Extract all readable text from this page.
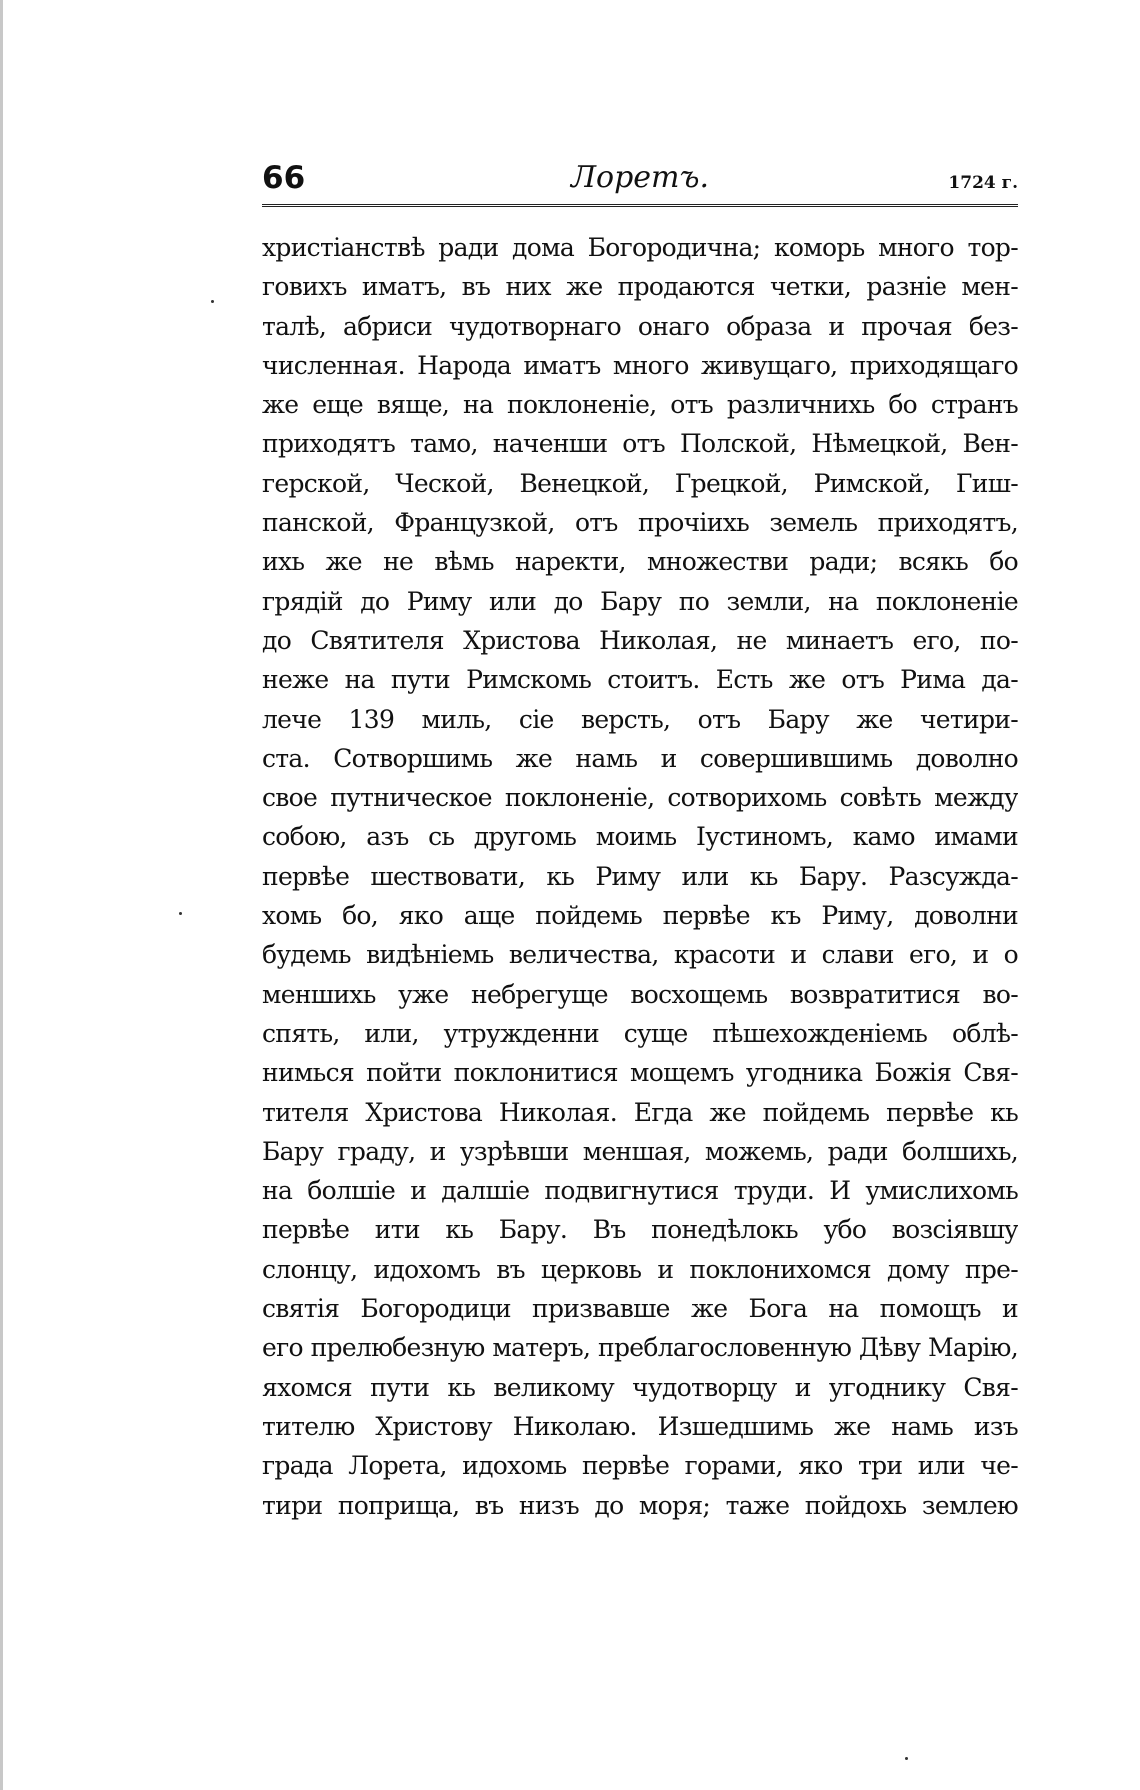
66	Лоретъ.	1724 г.
христіанствѣ ради дома Богородична; коморь много тор-
говихъ иматъ, въ них же продаются четки, разніе мен-
талѣ, абриси чудотворнаго онаго образа и прочая без-
численная. Народа иматъ много живущаго, приходящаго
же еще вяще, на поклоненіе, отъ различнихь бо странъ
приходятъ тамо, наченши отъ Полской, Нѣмецкой, Вен-
герской, Ческой, Венецкой, Грецкой, Римской, Гиш-
панской, Французкой, отъ прочіихь земель приходятъ,
ихь же не вѣмь наректи, множестви ради; всякь бо
грядій до Риму или до Бару по земли, на поклоненіе
до Святителя Христова Николая, не минаетъ его, по-
неже на пути Римскомь стоитъ. Есть же отъ Рима да-
лече 139 миль, сіе версть, отъ Бару же четири-
ста. Сотворшимь же намь и совершившимь доволно
свое путническое поклоненіе, сотворихомь совѣть между
собою, азъ сь другомь моимь Іустиномъ, камо имами
первѣе шествовати, кь Риму или кь Бару. Разсужда-
хомь бо, яко аще пойдемь первѣе къ Риму, доволни
будемь видѣніемь величества, красоти и слави его, и о
меншихь уже небрегуще восхощемь возвратитися во-
спять, или, утружденни суще пѣшехожденіемь облѣ-
нимься пойти поклонитися мощемъ угодника Божія Свя-
тителя Христова Николая. Егда же пойдемь первѣе кь
Бару граду, и узрѣвши меншая, можемь, ради болшихь,
на болшіе и далшіе подвигнутися труди. И умислихомь
первѣе ити кь Бару. Въ понедѣлокь убо возсіявшу
слонцу, идохомъ въ церковь и поклонихомся дому пре-
святія Богородици призвавше же Бога на помощъ и
его прелюбезную матеръ, преблагословенную Дѣву Марію,
яхомся пути кь великому чудотворцу и угоднику Свя-
тителю Христову Николаю. Изшедшимь же намь изъ
града Лорета, идохомь первѣе горами, яко три или че-
тири поприща, въ низъ до моря; таже пойдохь землею
